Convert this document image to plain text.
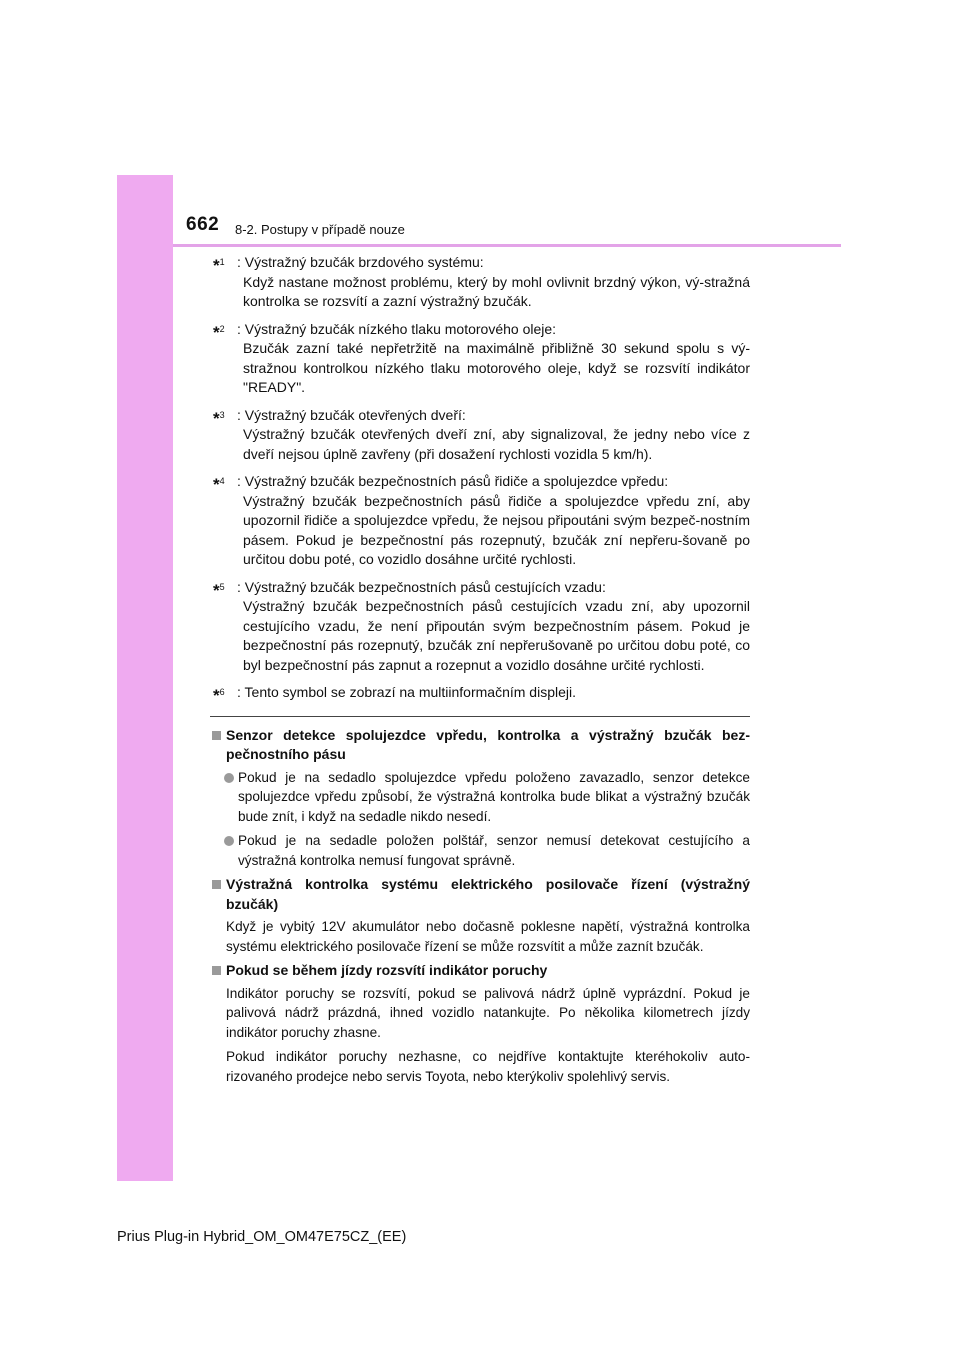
662 8-2. Postupy v případě nouze
*$^1$ : Výstražný bzučák brzdového systému:
Když nastane možnost problému, který by mohl ovlivnit brzdný výkon, vý-stražná kontrolka se rozsvítí a zazní výstražný bzučák.
*$^2$ : Výstražný bzučák nízkého tlaku motorového oleje:
Bzučák zazní také nepřetržitě na maximálně přibližně 30 sekund spolu s vý-stražnou kontrolkou nízkého tlaku motorového oleje, když se rozsvítí indikátor "READY".
*$^3$ : Výstražný bzučák otevřených dveří:
Výstražný bzučák otevřených dveří zní, aby signalizoval, že jedny nebo více z dveří nejsou úplně zavřeny (při dosažení rychlosti vozidla 5 km/h).
*$^4$ : Výstražný bzučák bezpečnostních pásů řidiče a spolujezdce vpředu:
Výstražný bzučák bezpečnostních pásů řidiče a spolujezdce vpředu zní, aby upozornil řidiče a spolujezdce vpředu, že nejsou připoutáni svým bezpeč-nostním pásem. Pokud je bezpečnostní pás rozepnutý, bzučák zní nepřeru-šovaně po určitou dobu poté, co vozidlo dosáhne určité rychlosti.
*$^5$ : Výstražný bzučák bezpečnostních pásů cestujících vzadu:
Výstražný bzučák bezpečnostních pásů cestujících vzadu zní, aby upozornil cestujícího vzadu, že není připoután svým bezpečnostním pásem. Pokud je bezpečnostní pás rozepnutý, bzučák zní nepřerušovaně po určitou dobu poté, co byl bezpečnostní pás zapnut a rozepnut a vozidlo dosáhne určité rychlosti.
*$^6$ : Tento symbol se zobrazí na multiinformačním displeji.
Senzor detekce spolujezdce vpředu, kontrolka a výstražný bzučák bez-pečnostního pásu
Pokud je na sedadlo spolujezdce vpředu položeno zavazadlo, senzor detekce spolujezdce vpředu způsobí, že výstražná kontrolka bude blikat a výstražný bzučák bude znít, i když na sedadle nikdo nesedí.
Pokud je na sedadle položen polštář, senzor nemusí detekovat cestujícího a výstražná kontrolka nemusí fungovat správně.
Výstražná kontrolka systému elektrického posilovače řízení (výstražný bzučák)
Když je vybitý 12V akumulátor nebo dočasně poklesne napětí, výstražná kontrolka systému elektrického posilovače řízení se může rozsvítit a může zaznít bzučák.
Pokud se během jízdy rozsvítí indikátor poruchy
Indikátor poruchy se rozsvítí, pokud se palivová nádrž úplně vyprázdní. Pokud je palivová nádrž prázdná, ihned vozidlo natankujte. Po několika kilometrech jízdy indikátor poruchy zhasne.
Pokud indikátor poruchy nezhasne, co nejdříve kontaktujte kteréhokoliv auto-rizovaného prodejce nebo servis Toyota, nebo kterýkoliv spolehlivý servis.
Prius Plug-in Hybrid_OM_OM47E75CZ_(EE)
